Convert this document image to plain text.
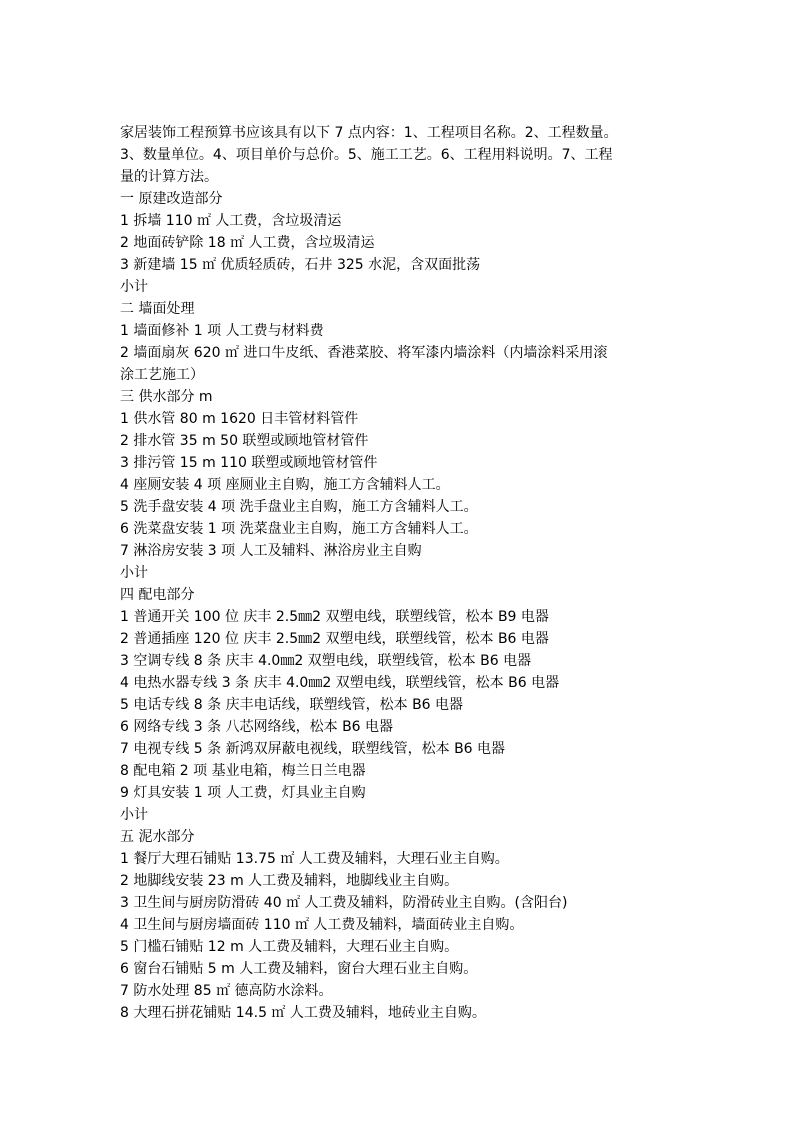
家居装饰工程预算书应该具有以下 7 点内容：1、工程项目名称。2、工程数量。
3、数量单位。4、项目单价与总价。5、施工工艺。6、工程用料说明。7、工程
量的计算方法。
一 原建改造部分
1 拆墙 110 ㎡ 人工费，含垃圾清运
2 地面砖铲除 18 ㎡ 人工费，含垃圾清运
3 新建墙 15 ㎡ 优质轻质砖，石井 325 水泥，含双面批荡
小计
二 墙面处理
1 墙面修补 1 项 人工费与材料费
2 墙面扇灰 620 ㎡ 进口牛皮纸、香港菜胶、将军漆内墙涂料（内墙涂料采用滚
涂工艺施工）
三 供水部分 m
1 供水管 80 m 1620 日丰管材料管件
2 排水管 35 m 50 联塑或顾地管材管件
3 排污管 15 m 110 联塑或顾地管材管件
4 座厕安装 4 项 座厕业主自购，施工方含辅料人工。
5 洗手盘安装 4 项 洗手盘业主自购，施工方含辅料人工。
6 洗菜盘安装 1 项 洗菜盘业主自购，施工方含辅料人工。
7 淋浴房安装 3 项 人工及辅料、淋浴房业主自购
小计
四 配电部分
1 普通开关 100 位 庆丰 2.5㎜2 双塑电线，联塑线管，松本 B9 电器
2 普通插座 120 位 庆丰 2.5㎜2 双塑电线，联塑线管，松本 B6 电器
3 空调专线 8 条 庆丰 4.0㎜2 双塑电线，联塑线管，松本 B6 电器
4 电热水器专线 3 条 庆丰 4.0㎜2 双塑电线，联塑线管，松本 B6 电器
5 电话专线 8 条 庆丰电话线，联塑线管，松本 B6 电器
6 网络专线 3 条 八芯网络线，松本 B6 电器
7 电视专线 5 条 新鸿双屏蔽电视线，联塑线管，松本 B6 电器
8 配电箱 2 项 基业电箱，梅兰日兰电器
9 灯具安装 1 项 人工费，灯具业主自购
小计
五 泥水部分
1 餐厅大理石铺贴 13.75 ㎡ 人工费及辅料，大理石业主自购。
2 地脚线安装 23 m 人工费及辅料，地脚线业主自购。
3 卫生间与厨房防滑砖 40 ㎡ 人工费及辅料，防滑砖业主自购。(含阳台)
4 卫生间与厨房墙面砖 110 ㎡ 人工费及辅料，墙面砖业主自购。
5 门槛石铺贴 12 m 人工费及辅料，大理石业主自购。
6 窗台石铺贴 5 m 人工费及辅料，窗台大理石业主自购。
7 防水处理 85 ㎡ 德高防水涂料。
8 大理石拼花铺贴 14.5 ㎡ 人工费及辅料，地砖业主自购。
